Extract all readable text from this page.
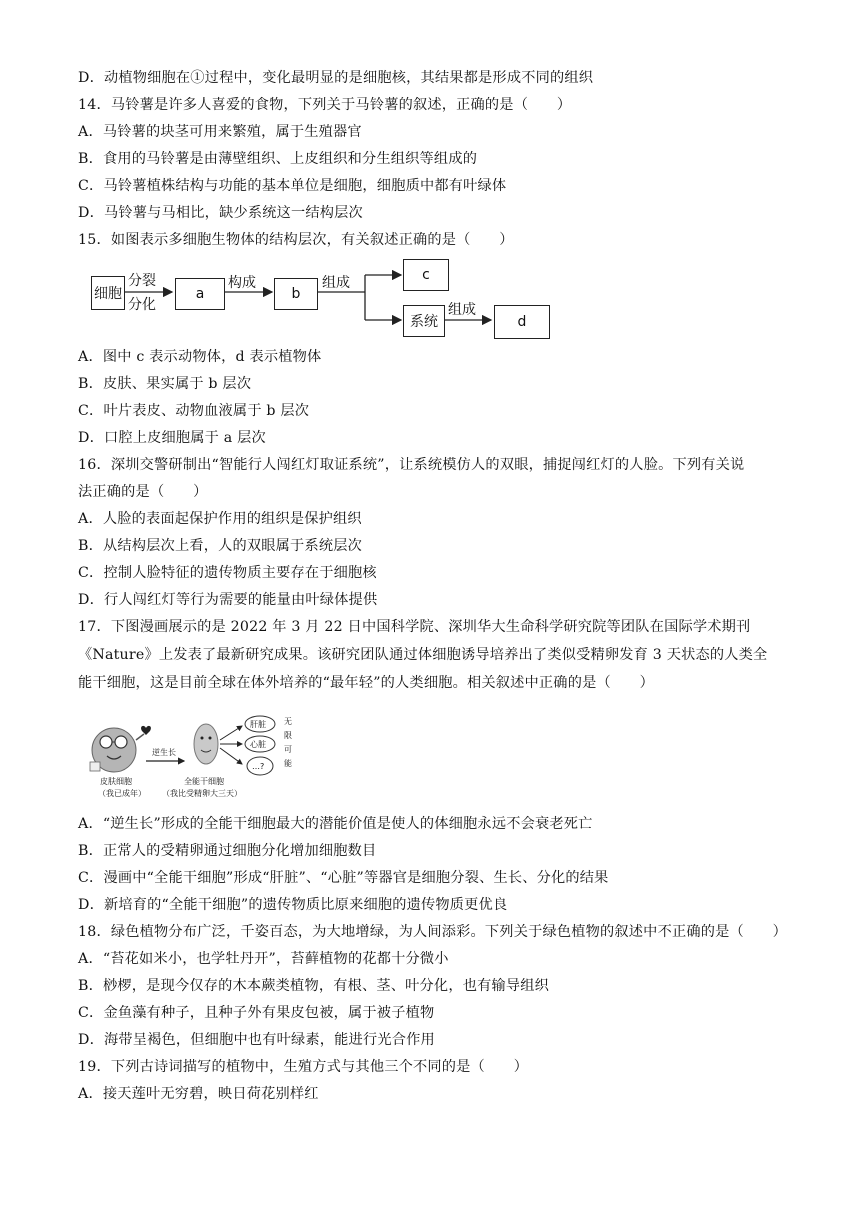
D．动植物细胞在①过程中，变化最明显的是细胞核，其结果都是形成不同的组织
14．马铃薯是许多人喜爱的食物，下列关于马铃薯的叙述，正确的是（　　）
A．马铃薯的块茎可用来繁殖，属于生殖器官
B．食用的马铃薯是由薄壁组织、上皮组织和分生组织等组成的
C．马铃薯植株结构与功能的基本单位是细胞，细胞质中都有叶绿体
D．马铃薯与马相比，缺少系统这一结构层次
15．如图表示多细胞生物体的结构层次，有关叙述正确的是（　　）
细胞
分裂
分化
a
构成
b
组成	c
系统
组成
d
A．图中 c 表示动物体，d 表示植物体
B．皮肤、果实属于 b 层次
C．叶片表皮、动物血液属于 b 层次
D．口腔上皮细胞属于 a 层次
16．深圳交警研制出“智能行人闯红灯取证系统”，让系统模仿人的双眼，捕捉闯红灯的人脸。下列有关说
法正确的是（　　）
A．人脸的表面起保护作用的组织是保护组织
B．从结构层次上看，人的双眼属于系统层次
C．控制人脸特征的遗传物质主要存在于细胞核
D．行人闯红灯等行为需要的能量由叶绿体提供
17．下图漫画展示的是 2022 年 3 月 22 日中国科学院、深圳华大生命科学研究院等团队在国际学术期刊
《Nature》上发表了最新研究成果。该研究团队通过体细胞诱导培养出了类似受精卵发育 3 天状态的人类全
能干细胞，这是目前全球在体外培养的“最年轻”的人类细胞。相关叙述中正确的是（　　）
逆生长
肝脏
心脏
…?
无
限
可
能
皮肤细胞
（我已成年）
全能干细胞
（我比受精卵大三天）
A．“逆生长”形成的全能干细胞最大的潜能价值是使人的体细胞永远不会衰老死亡
B．正常人的受精卵通过细胞分化增加细胞数目
C．漫画中“全能干细胞”形成“肝脏”、“心脏”等器官是细胞分裂、生长、分化的结果
D．新培育的“全能干细胞”的遗传物质比原来细胞的遗传物质更优良
18．绿色植物分布广泛，千姿百态，为大地增绿，为人间添彩。下列关于绿色植物的叙述中不正确的是（　　）
A．“苔花如米小，也学牡丹开”，苔藓植物的花都十分微小
B．桫椤，是现今仅存的木本蕨类植物，有根、茎、叶分化，也有输导组织
C．金鱼藻有种子，且种子外有果皮包被，属于被子植物
D．海带呈褐色，但细胞中也有叶绿素，能进行光合作用
19．下列古诗词描写的植物中，生殖方式与其他三个不同的是（　　）
A．接天莲叶无穷碧，映日荷花别样红
